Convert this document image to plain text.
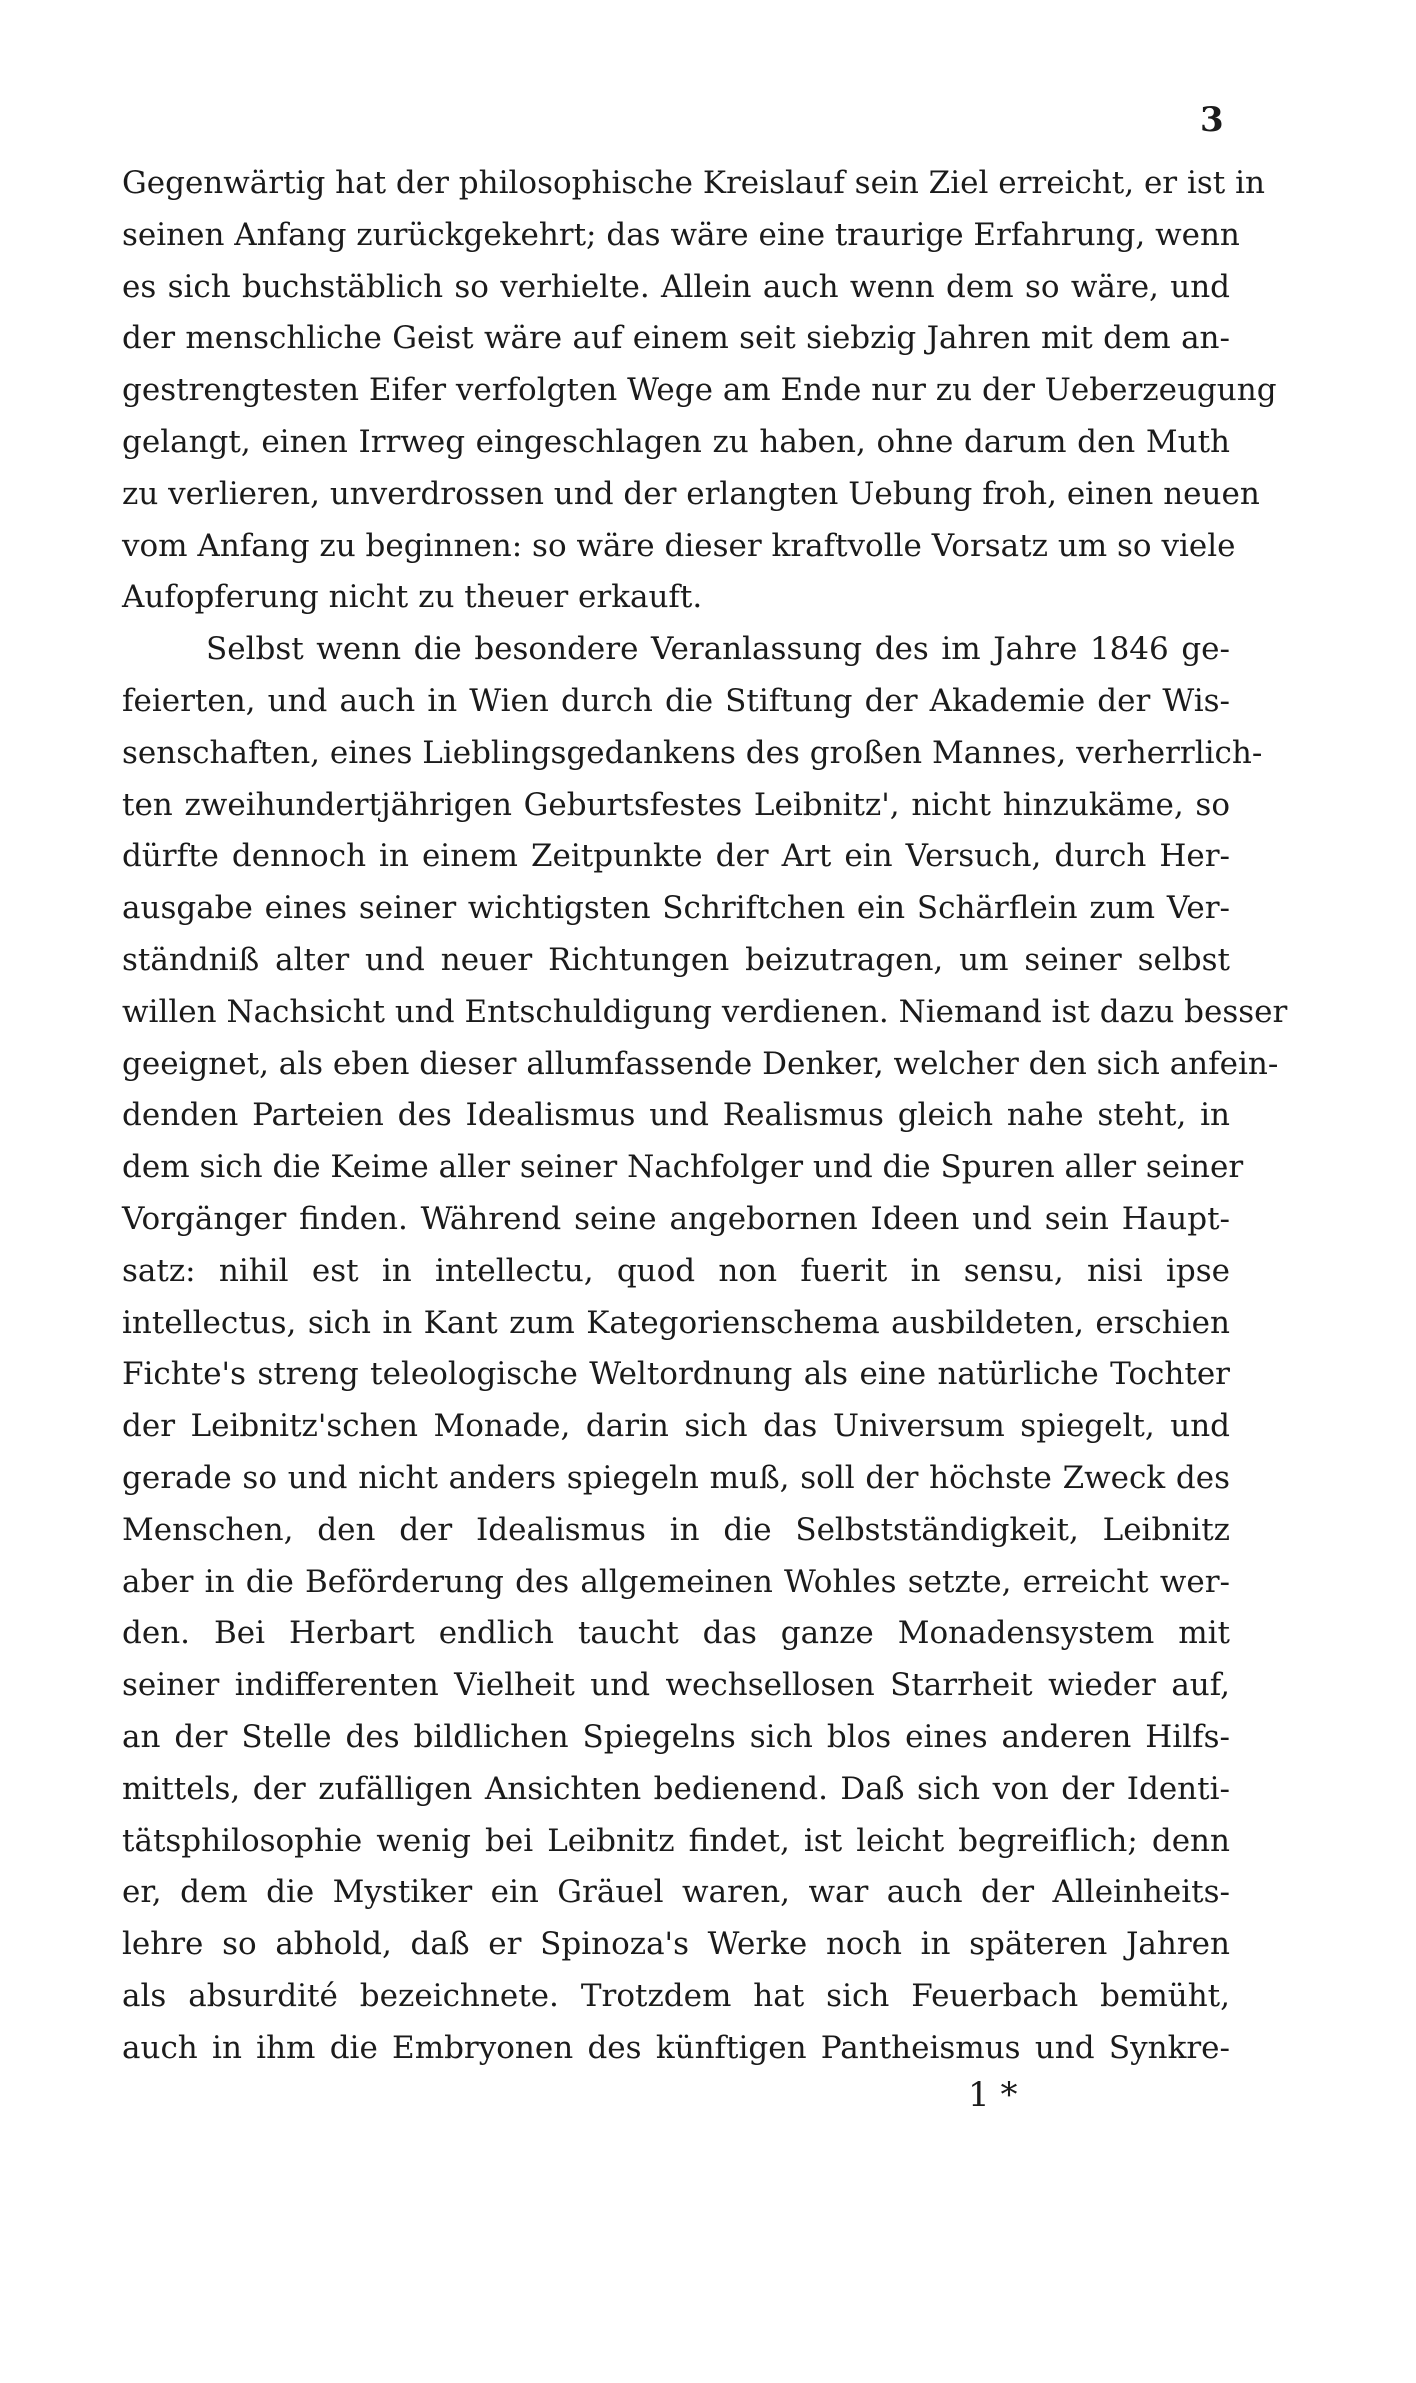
3
Gegenwärtig hat der philosophische Kreislauf sein Ziel erreicht, er ist in
seinen Anfang zurückgekehrt; das wäre eine traurige Erfahrung, wenn
es sich buchstäblich so verhielte. Allein auch wenn dem so wäre, und
der menschliche Geist wäre auf einem seit siebzig Jahren mit dem an-
gestrengtesten Eifer verfolgten Wege am Ende nur zu der Ueberzeugung
gelangt, einen Irrweg eingeschlagen zu haben, ohne darum den Muth
zu verlieren, unverdrossen und der erlangten Uebung froh, einen neuen
vom Anfang zu beginnen: so wäre dieser kraftvolle Vorsatz um so viele
Aufopferung nicht zu theuer erkauft.
Selbst wenn die besondere Veranlassung des im Jahre 1846 ge-
feierten, und auch in Wien durch die Stiftung der Akademie der Wis-
senschaften, eines Lieblingsgedankens des großen Mannes, verherrlich-
ten zweihundertjährigen Geburtsfestes Leibnitz', nicht hinzukäme, so
dürfte dennoch in einem Zeitpunkte der Art ein Versuch, durch Her-
ausgabe eines seiner wichtigsten Schriftchen ein Schärflein zum Ver-
ständniß alter und neuer Richtungen beizutragen, um seiner selbst
willen Nachsicht und Entschuldigung verdienen. Niemand ist dazu besser
geeignet, als eben dieser allumfassende Denker, welcher den sich anfein-
denden Parteien des Idealismus und Realismus gleich nahe steht, in
dem sich die Keime aller seiner Nachfolger und die Spuren aller seiner
Vorgänger finden. Während seine angebornen Ideen und sein Haupt-
satz: nihil est in intellectu, quod non fuerit in sensu, nisi ipse
intellectus, sich in Kant zum Kategorienschema ausbildeten, erschien
Fichte's streng teleologische Weltordnung als eine natürliche Tochter
der Leibnitz'schen Monade, darin sich das Universum spiegelt, und
gerade so und nicht anders spiegeln muß, soll der höchste Zweck des
Menschen, den der Idealismus in die Selbstständigkeit, Leibnitz
aber in die Beförderung des allgemeinen Wohles setzte, erreicht wer-
den. Bei Herbart endlich taucht das ganze Monadensystem mit
seiner indifferenten Vielheit und wechsellosen Starrheit wieder auf,
an der Stelle des bildlichen Spiegelns sich blos eines anderen Hilfs-
mittels, der zufälligen Ansichten bedienend. Daß sich von der Identi-
tätsphilosophie wenig bei Leibnitz findet, ist leicht begreiflich; denn
er, dem die Mystiker ein Gräuel waren, war auch der Alleinheits-
lehre so abhold, daß er Spinoza's Werke noch in späteren Jahren
als absurdité bezeichnete. Trotzdem hat sich Feuerbach bemüht,
auch in ihm die Embryonen des künftigen Pantheismus und Synkre-
1 *
